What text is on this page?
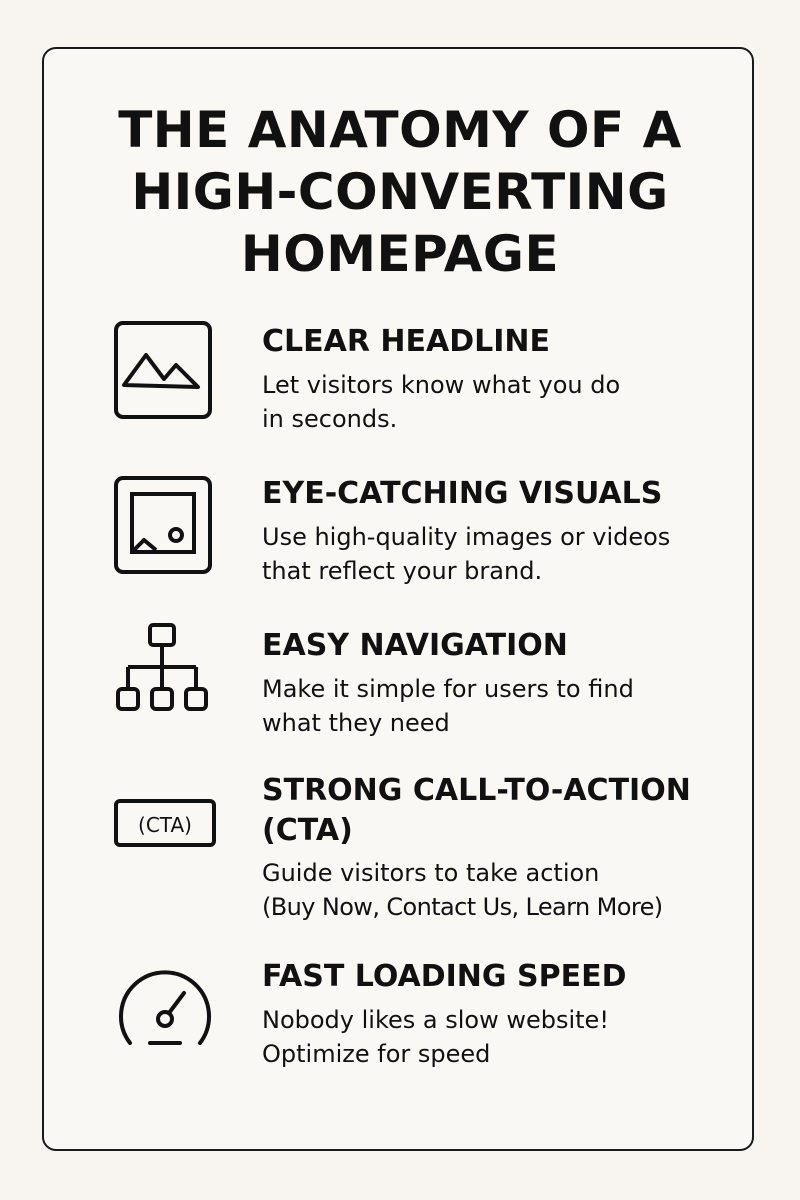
THE ANATOMY OF A
HIGH-CONVERTING
HOMEPAGE
CLEAR HEADLINE
Let visitors know what you do
in seconds.
EYE-CATCHING VISUALS
Use high-quality images or videos
that reflect your brand.
EASY NAVIGATION
Make it simple for users to find
what they need
(CTA)
STRONG CALL-TO-ACTION
(CTA)
Guide visitors to take action
(Buy Now, Contact Us, Learn More)
FAST LOADING SPEED
Nobody likes a slow website!
Optimize for speed
